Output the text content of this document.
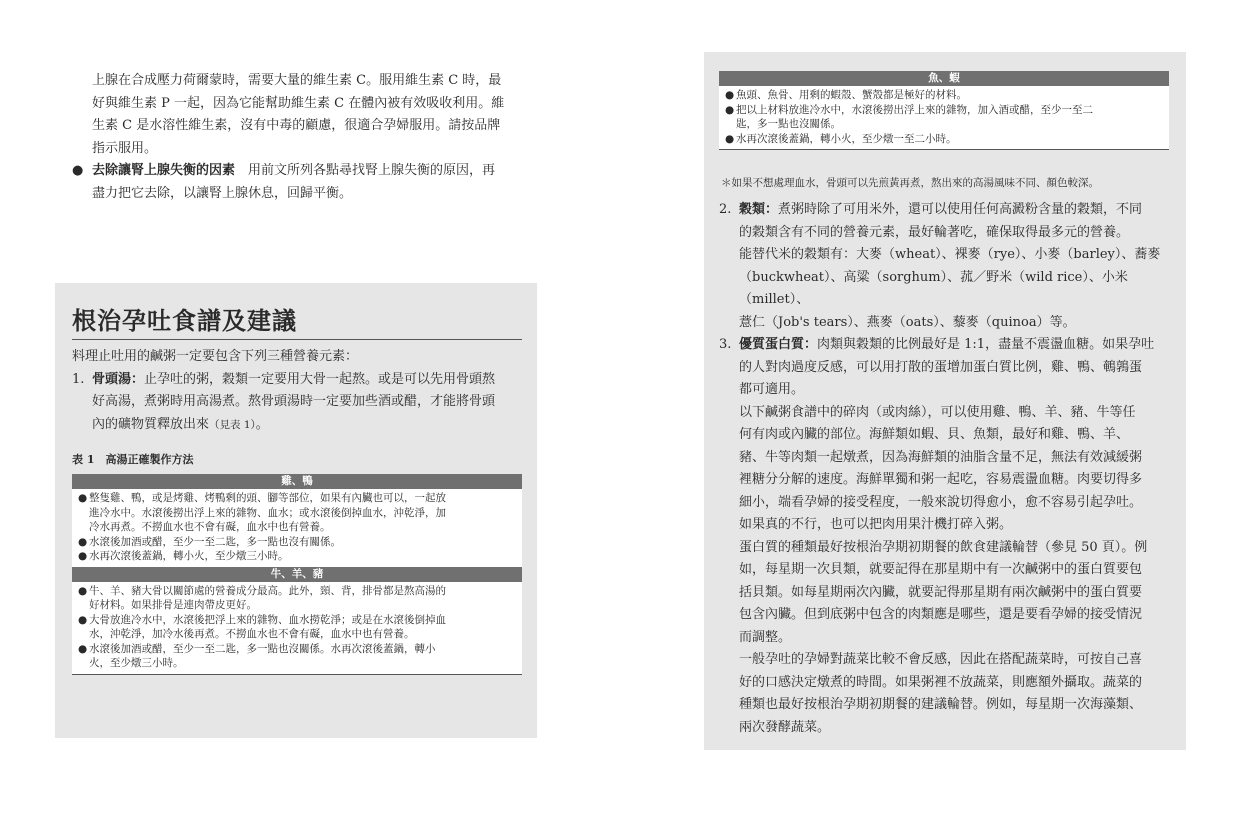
上腺在合成壓力荷爾蒙時，需要大量的維生素 C。服用維生素 C 時，最

好與維生素 P 一起，因為它能幫助維生素 C 在體內被有效吸收利用。維

生素 C 是水溶性維生素，沒有中毒的顧慮，很適合孕婦服用。請按品牌

指示服用。

● 去除讓腎上腺失衡的因素　用前文所列各點尋找腎上腺失衡的原因，再
盡力把它去除，以讓腎上腺休息，回歸平衡。
根治孕吐食譜及建議

料理止吐用的鹹粥一定要包含下列三種營養元素：

1. 骨頭湯：止孕吐的粥，穀類一定要用大骨一起熬。或是可以先用骨頭熬
好高湯，煮粥時用高湯煮。熬骨頭湯時一定要加些酒或醋，才能將骨頭
內的礦物質釋放出來（見表 1）。
表 1　高湯正確製作方法
雞、鴨
● 整隻雞、鴨，或是烤雞、烤鴨剩的頭、腳等部位，如果有內臟也可以，一起放
進冷水中。水滾後撈出浮上來的雜物、血水；或水滾後倒掉血水，沖乾淨，加
冷水再煮。不撈血水也不會有礙，血水中也有營養。
● 水滾後加酒或醋，至少一至二匙，多一點也沒有關係。
● 水再次滾後蓋鍋，轉小火，至少燉三小時。
牛、羊、豬
● 牛、羊、豬大骨以關節處的營養成分最高。此外，頸、背，排骨都是熬高湯的
好材料。如果排骨是連肉帶皮更好。
● 大骨放進冷水中，水滾後把浮上來的雜物、血水撈乾淨；或是在水滾後倒掉血
水，沖乾淨，加冷水後再煮。不撈血水也不會有礙，血水中也有營養。
● 水滾後加酒或醋，至少一至二匙，多一點也沒關係。水再次滾後蓋鍋，轉小
火，至少燉三小時。
魚、蝦
● 魚頭、魚骨、用剩的蝦殼、蟹殼都是極好的材料。
● 把以上材料放進冷水中，水滾後撈出浮上來的雜物，加入酒或醋，至少一至二
匙，多一點也沒關係。
● 水再次滾後蓋鍋，轉小火，至少燉一至二小時。
＊如果不想處理血水，骨頭可以先煎黃再煮，熬出來的高湯風味不同、顏色較深。
2. 穀類：煮粥時除了可用米外，還可以使用任何高澱粉含量的穀類，不同
的穀類含有不同的營養元素，最好輪著吃，確保取得最多元的營養。
能替代米的穀類有：大麥（wheat）、裸麥（rye）、小麥（barley）、蕎麥
（buckwheat）、高粱（sorghum）、菰／野米（wild rice）、小米（millet）、
薏仁（Job's tears）、燕麥（oats）、藜麥（quinoa）等。
3. 優質蛋白質：肉類與穀類的比例最好是 1:1，盡量不震盪血糖。如果孕吐
的人對肉過度反感，可以用打散的蛋增加蛋白質比例，雞、鴨、鵪鶉蛋
都可適用。
以下鹹粥食譜中的碎肉（或肉絲），可以使用雞、鴨、羊、豬、牛等任
何有肉或內臟的部位。海鮮類如蝦、貝、魚類，最好和雞、鴨、羊、
豬、牛等肉類一起燉煮，因為海鮮類的油脂含量不足，無法有效減緩粥
裡糖分分解的速度。海鮮單獨和粥一起吃，容易震盪血糖。肉要切得多
細小，端看孕婦的接受程度，一般來說切得愈小，愈不容易引起孕吐。
如果真的不行，也可以把肉用果汁機打碎入粥。
蛋白質的種類最好按根治孕期初期餐的飲食建議輪替（參見 50 頁）。例
如，每星期一次貝類，就要記得在那星期中有一次鹹粥中的蛋白質要包
括貝類。如每星期兩次內臟，就要記得那星期有兩次鹹粥中的蛋白質要
包含內臟。但到底粥中包含的肉類應是哪些，還是要看孕婦的接受情況
而調整。
一般孕吐的孕婦對蔬菜比較不會反感，因此在搭配蔬菜時，可按自己喜
好的口感決定燉煮的時間。如果粥裡不放蔬菜，則應額外攝取。蔬菜的
種類也最好按根治孕期初期餐的建議輪替。例如，每星期一次海藻類、
兩次發酵蔬菜。
